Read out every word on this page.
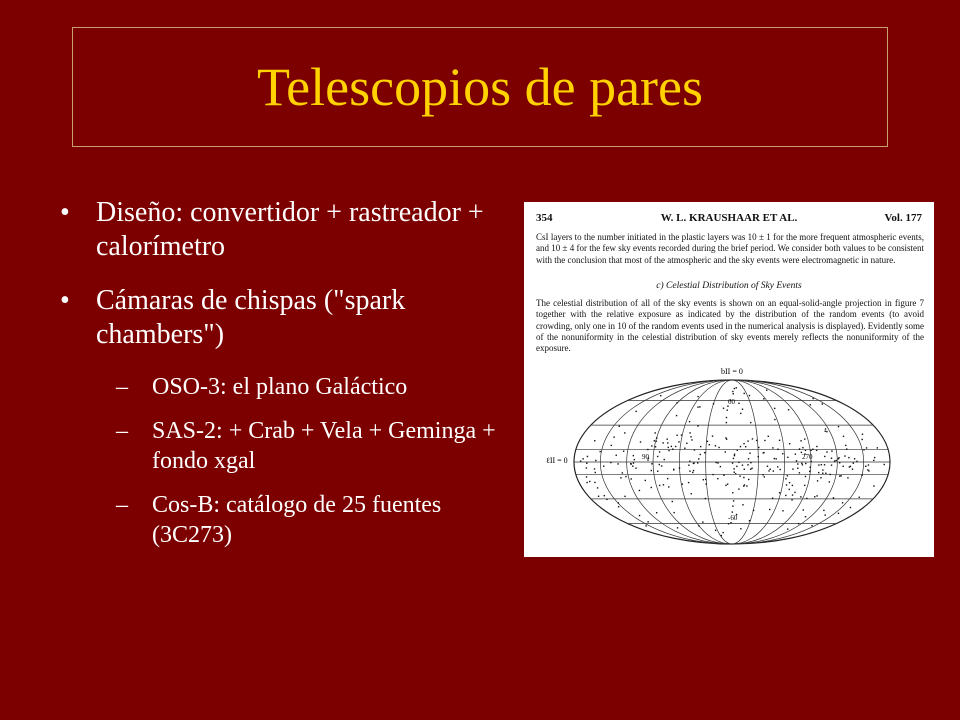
Telescopios de pares
• Diseño: convertidor + rastreador + calorímetro
• Cámaras de chispas ("spark chambers")
–	OSO-3: el plano Galáctico
–	SAS-2: + Crab + Vela + Geminga + fondo xgal
–	Cos-B: catálogo de 25 fuentes (3C273)
354	W. L. KRAUSHAAR ET AL.	Vol. 177
CsI layers to the number initiated in the plastic layers was 10 ± 1 for the more frequent atmospheric events, and 10 ± 4 for the few sky events recorded during the brief period. We consider both values to be consistent with the conclusion that most of the atmospheric and the sky events were electromagnetic in nature.
c) Celestial Distribution of Sky Events
The celestial distribution of all of the sky events is shown on an equal-solid-angle projection in figure 7 together with the relative exposure as indicated by the distribution of the random events (to avoid crowding, only one in 10 of the random events used in the numerical analysis is displayed). Evidently some of the nonuniformity in the celestial distribution of sky events merely reflects the nonuniformity of the exposure.
bII = 0
ℓII = 0	90	270
60
-60
